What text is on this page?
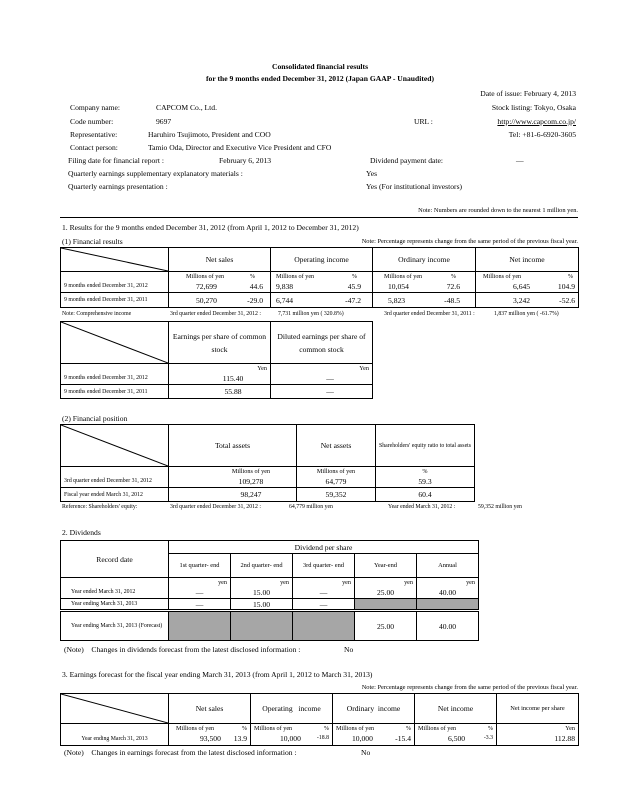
Consolidated financial results
for the 9 months ended December 31, 2012 (Japan GAAP - Unaudited)
Date of issue: February 4, 2013
Stock listing: Tokyo, Osaka
URL :	http://www.capcom.co.jp/
Tel: +81-6-6920-3605
Company name:	CAPCOM Co., Ltd.
Code number:	9697
Representative:	Haruhiro Tsujimoto, President and COO
Contact person:	Tamio Oda, Director and Executive Vice President and CFO
Filing date for financial report :	February 6, 2013	Dividend payment date:	―
Quarterly earnings supplementary explanatory materials :	Yes
Quarterly earnings presentation :	Yes (For institutional investors)
Note: Numbers are rounded down to the nearest 1 million yen.
1. Results for the 9 months ended December 31, 2012 (from April 1, 2012 to December 31, 2012)
(1) Financial results	Note: Percentage represents change from the same period of the previous fiscal year.
	Net sales	Operating income	Ordinary income	Net income

	Millions of yen %	Millions of yen %	Millions of yen %	Millions of yen %

9 months ended December 31, 2012	72,699 44.6	9,838 45.9	10,054 72.6	6,645 104.9

9 months ended December 31, 2011	50,270 -29.0	6,744 -47.2	5,823 -48.5	3,242 -52.6
Note: Comprehensive income	3rd quarter ended December 31, 2012 :	7,731 million yen ( 320.8%)	3rd quarter ended December 31, 2011 :	1,837 million yen ( -61.7%)
	Earnings per share of common stock	Diluted earnings per share of common stock
	Yen	Yen
9 months ended December 31, 2012	115.40	―
9 months ended December 31, 2011	55.88	―
(2) Financial position
	Total assets	Net assets	Shareholders' equity ratio to total assets
	Millions of yen	Millions of yen	%
3rd quarter ended December 31, 2012	109,278	64,779	59.3
Fiscal year ended March 31, 2012	98,247	59,352	60.4
Reference: Shareholders' equity:	3rd quarter ended December 31, 2012 :	64,779 million yen	Year ended March 31, 2012 :	59,352 million yen
2. Dividends
Record date	Dividend per share				
	1st quarter- end	2nd quarter- end	3rd quarter- end	Year-end	Annual
	yen	yen	yen	yen	yen
Year ended March 31, 2012	―	15.00	―	25.00	40.00
Year ending March 31, 2013	―	15.00	―		
Year ending March 31, 2013 (Forecast)				25.00	40.00
(Note)    Changes in dividends forecast from the latest disclosed information :	No
3. Earnings forecast for the fiscal year ending March 31, 2013 (from April 1, 2012 to March 31, 2013)
Note: Percentage represents change from the same period of the previous fiscal year.
	Net sales	Operating   income	Ordinary  income	Net income	Net income per share

	Millions of yen %	Millions of yen %	Millions of yen %	Millions of yen %	Yen
Year ending March 31, 2013	93,500 13.9	10,000 -18.8	10,000 -15.4	6,500 -3.3	112.88
(Note)    Changes in earnings forecast from the latest disclosed information :	No
